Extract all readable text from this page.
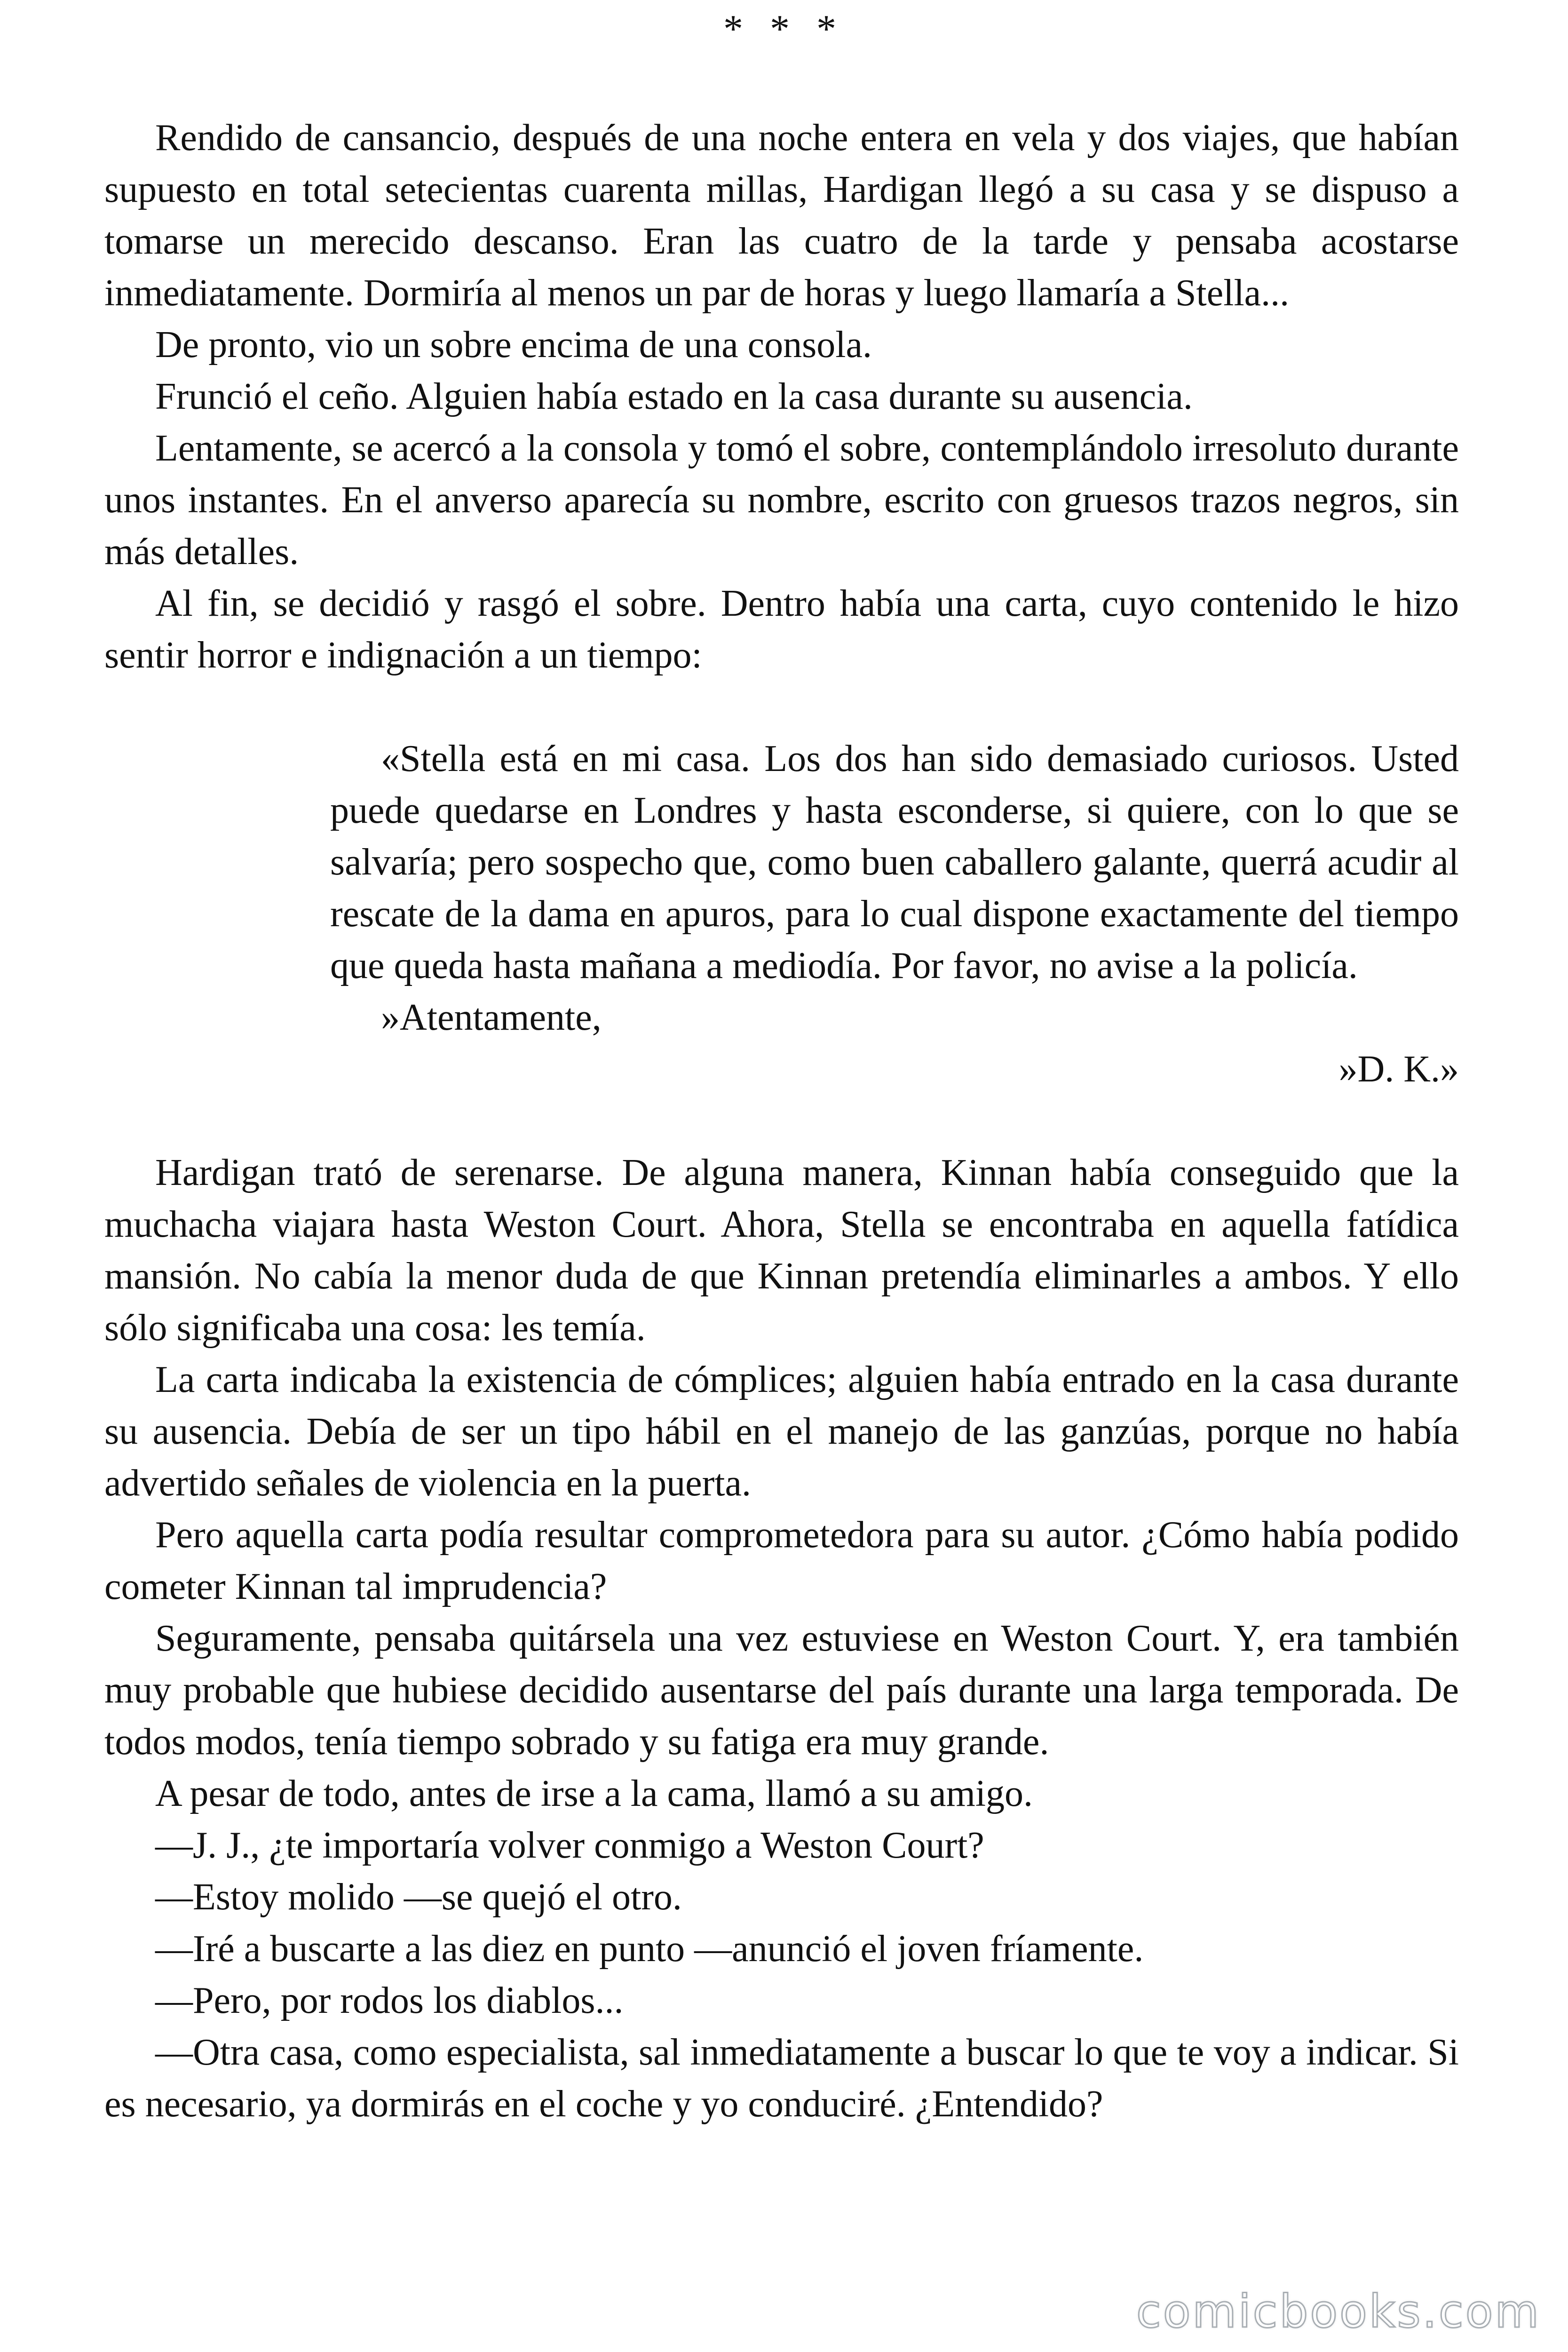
* * *

Rendido de cansancio, después de una noche entera en vela y dos viajes, que habían supuesto en total setecientas cuarenta millas, Hardigan llegó a su casa y se dispuso a tomarse un merecido descanso. Eran las cuatro de la tarde y pensaba acostarse inmediatamente. Dormiría al menos un par de horas y luego llamaría a Stella...

De pronto, vio un sobre encima de una consola.

Frunció el ceño. Alguien había estado en la casa durante su ausencia.

Lentamente, se acercó a la consola y tomó el sobre, contemplándolo irresoluto durante unos instantes. En el anverso aparecía su nombre, escrito con gruesos trazos negros, sin más detalles.

Al fin, se decidió y rasgó el sobre. Dentro había una carta, cuyo contenido le hizo sentir horror e indignación a un tiempo:

«Stella está en mi casa. Los dos han sido demasiado curiosos. Usted puede quedarse en Londres y hasta esconderse, si quiere, con lo que se salvaría; pero sospecho que, como buen caballero galante, querrá acudir al rescate de la dama en apuros, para lo cual dispone exactamente del tiempo que queda hasta mañana a mediodía. Por favor, no avise a la policía.

»Atentamente,

»D. K.»

Hardigan trató de serenarse. De alguna manera, Kinnan había conseguido que la muchacha viajara hasta Weston Court. Ahora, Stella se encontraba en aquella fatídica mansión. No cabía la menor duda de que Kinnan pretendía eliminarles a ambos. Y ello sólo significaba una cosa: les temía.

La carta indicaba la existencia de cómplices; alguien había entrado en la casa durante su ausencia. Debía de ser un tipo hábil en el manejo de las ganzúas, porque no había advertido señales de violencia en la puerta.

Pero aquella carta podía resultar comprometedora para su autor. ¿Cómo había podido cometer Kinnan tal imprudencia?

Seguramente, pensaba quitársela una vez estuviese en Weston Court. Y, era también muy probable que hubiese decidido ausentarse del país durante una larga temporada. De todos modos, tenía tiempo sobrado y su fatiga era muy grande.

A pesar de todo, antes de irse a la cama, llamó a su amigo.

—J. J., ¿te importaría volver conmigo a Weston Court?

—Estoy molido —se quejó el otro.

—Iré a buscarte a las diez en punto —anunció el joven fríamente.

—Pero, por rodos los diablos...

—Otra casa, como especialista, sal inmediatamente a buscar lo que te voy a indicar. Si es necesario, ya dormirás en el coche y yo conduciré. ¿Entendido?

comicbooks.com
